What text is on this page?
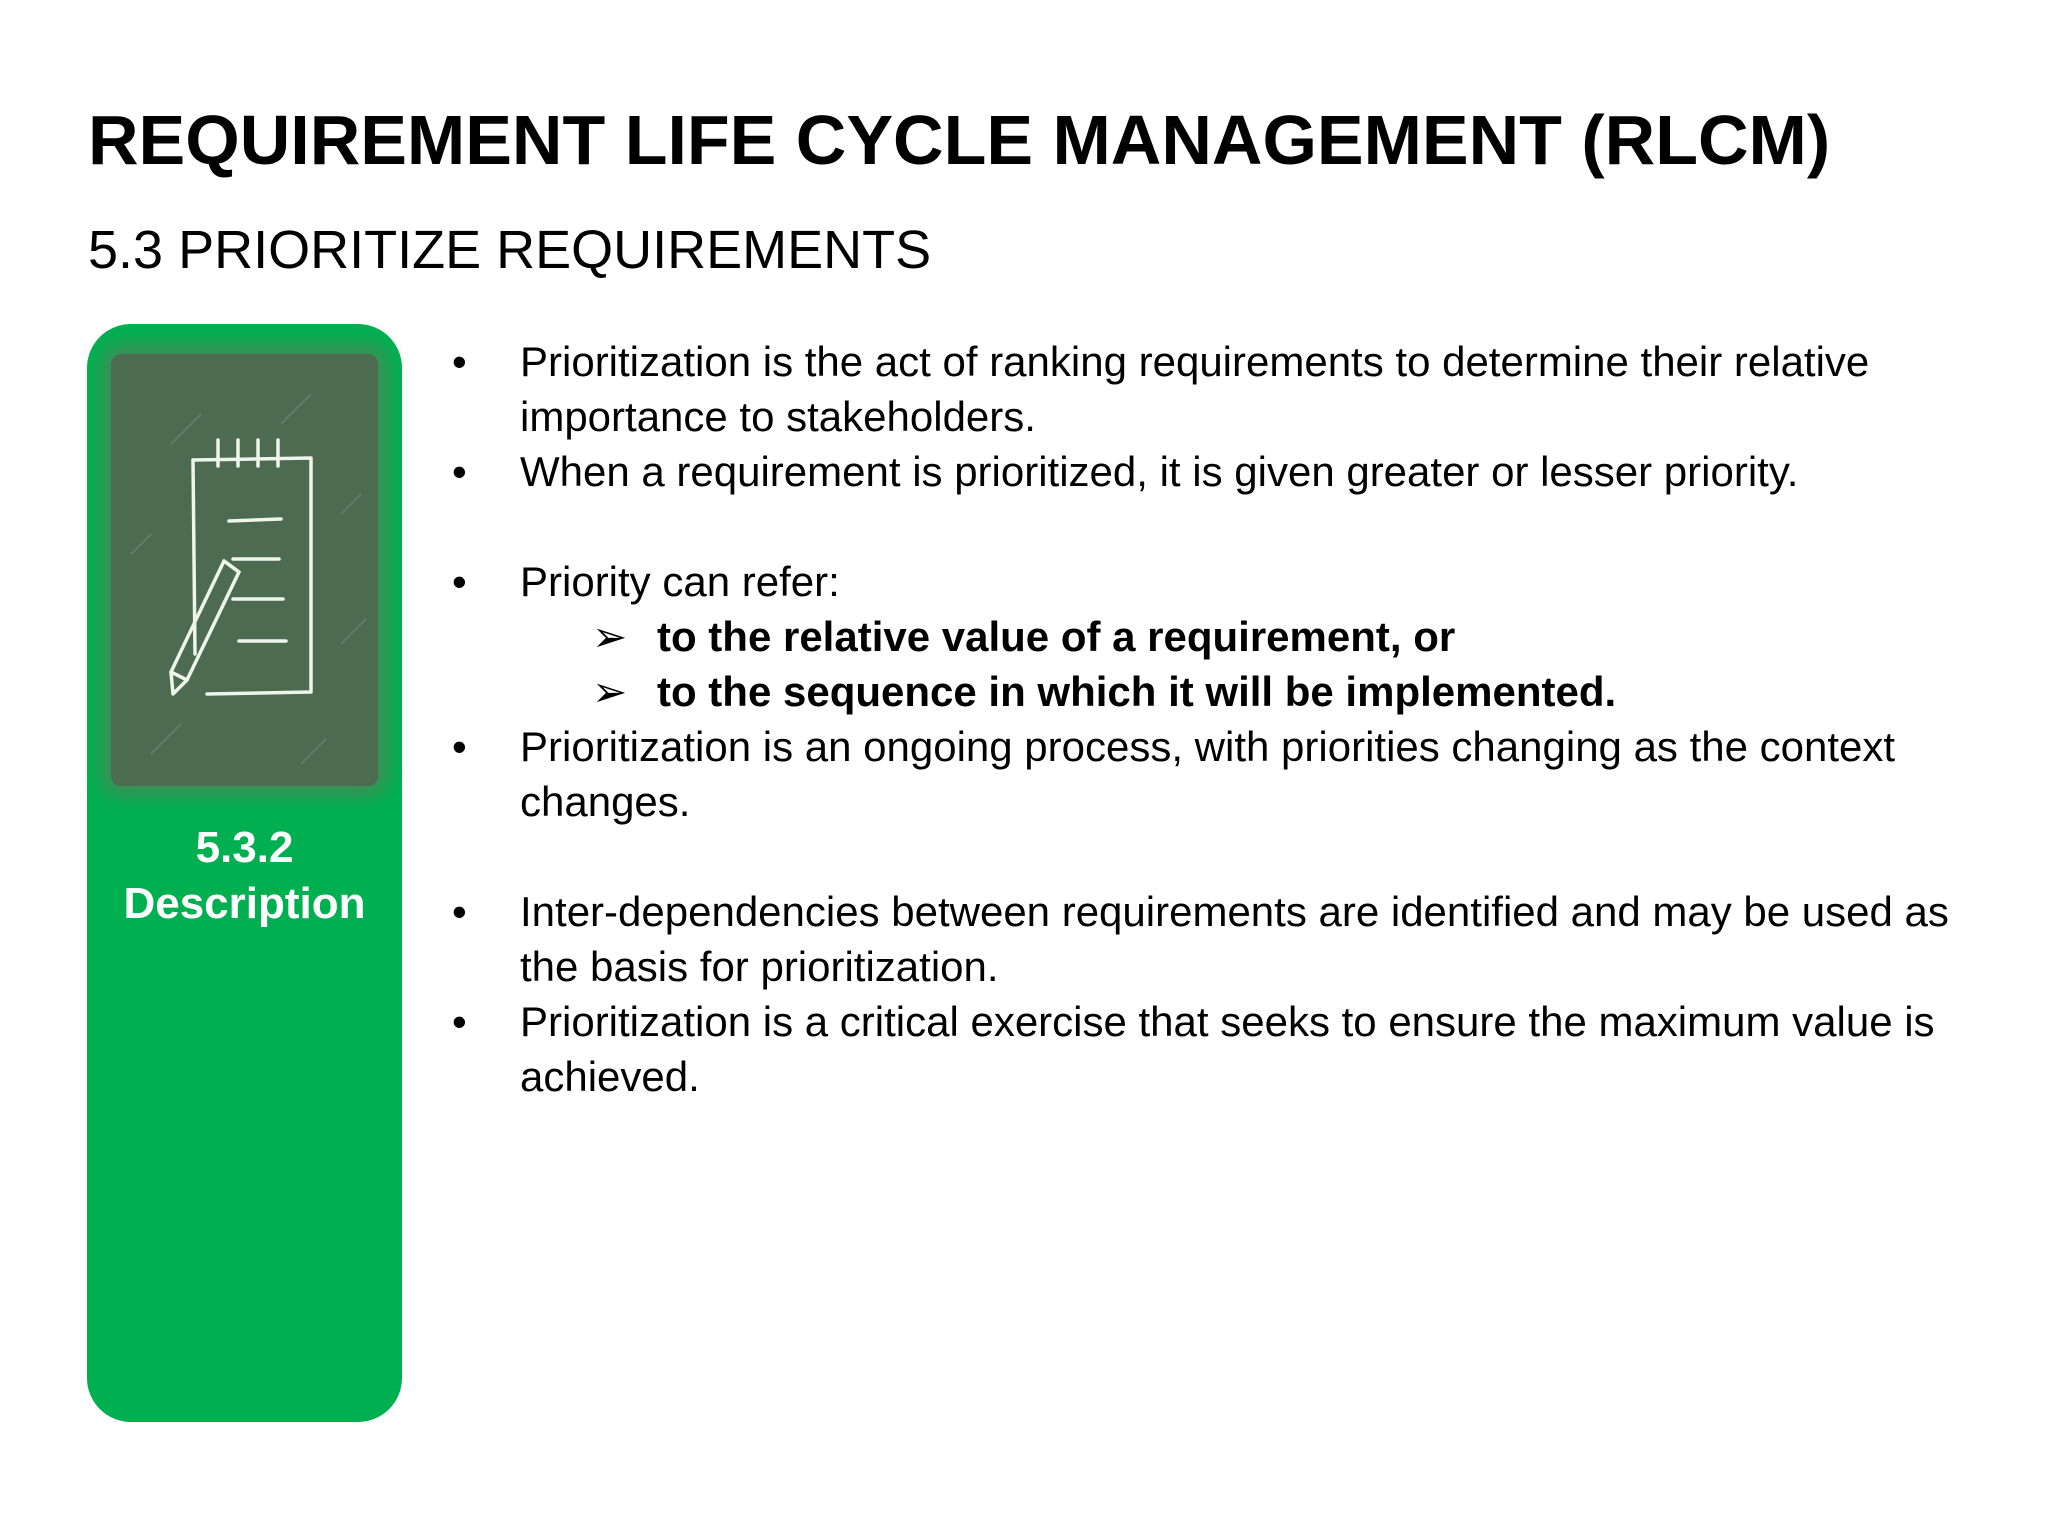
REQUIREMENT LIFE CYCLE MANAGEMENT (RLCM)
5.3 PRIORITIZE REQUIREMENTS
5.3.2
Description
• Prioritization is the act of ranking requirements to determine their relative importance to stakeholders.
• When a requirement is prioritized, it is given greater or lesser priority.
• Priority can refer:
➢ to the relative value of a requirement, or
➢ to the sequence in which it will be implemented.
• Prioritization is an ongoing process, with priorities changing as the context changes.
• Inter-dependencies between requirements are identified and may be used as the basis for prioritization.
• Prioritization is a critical exercise that seeks to ensure the maximum value is achieved.
